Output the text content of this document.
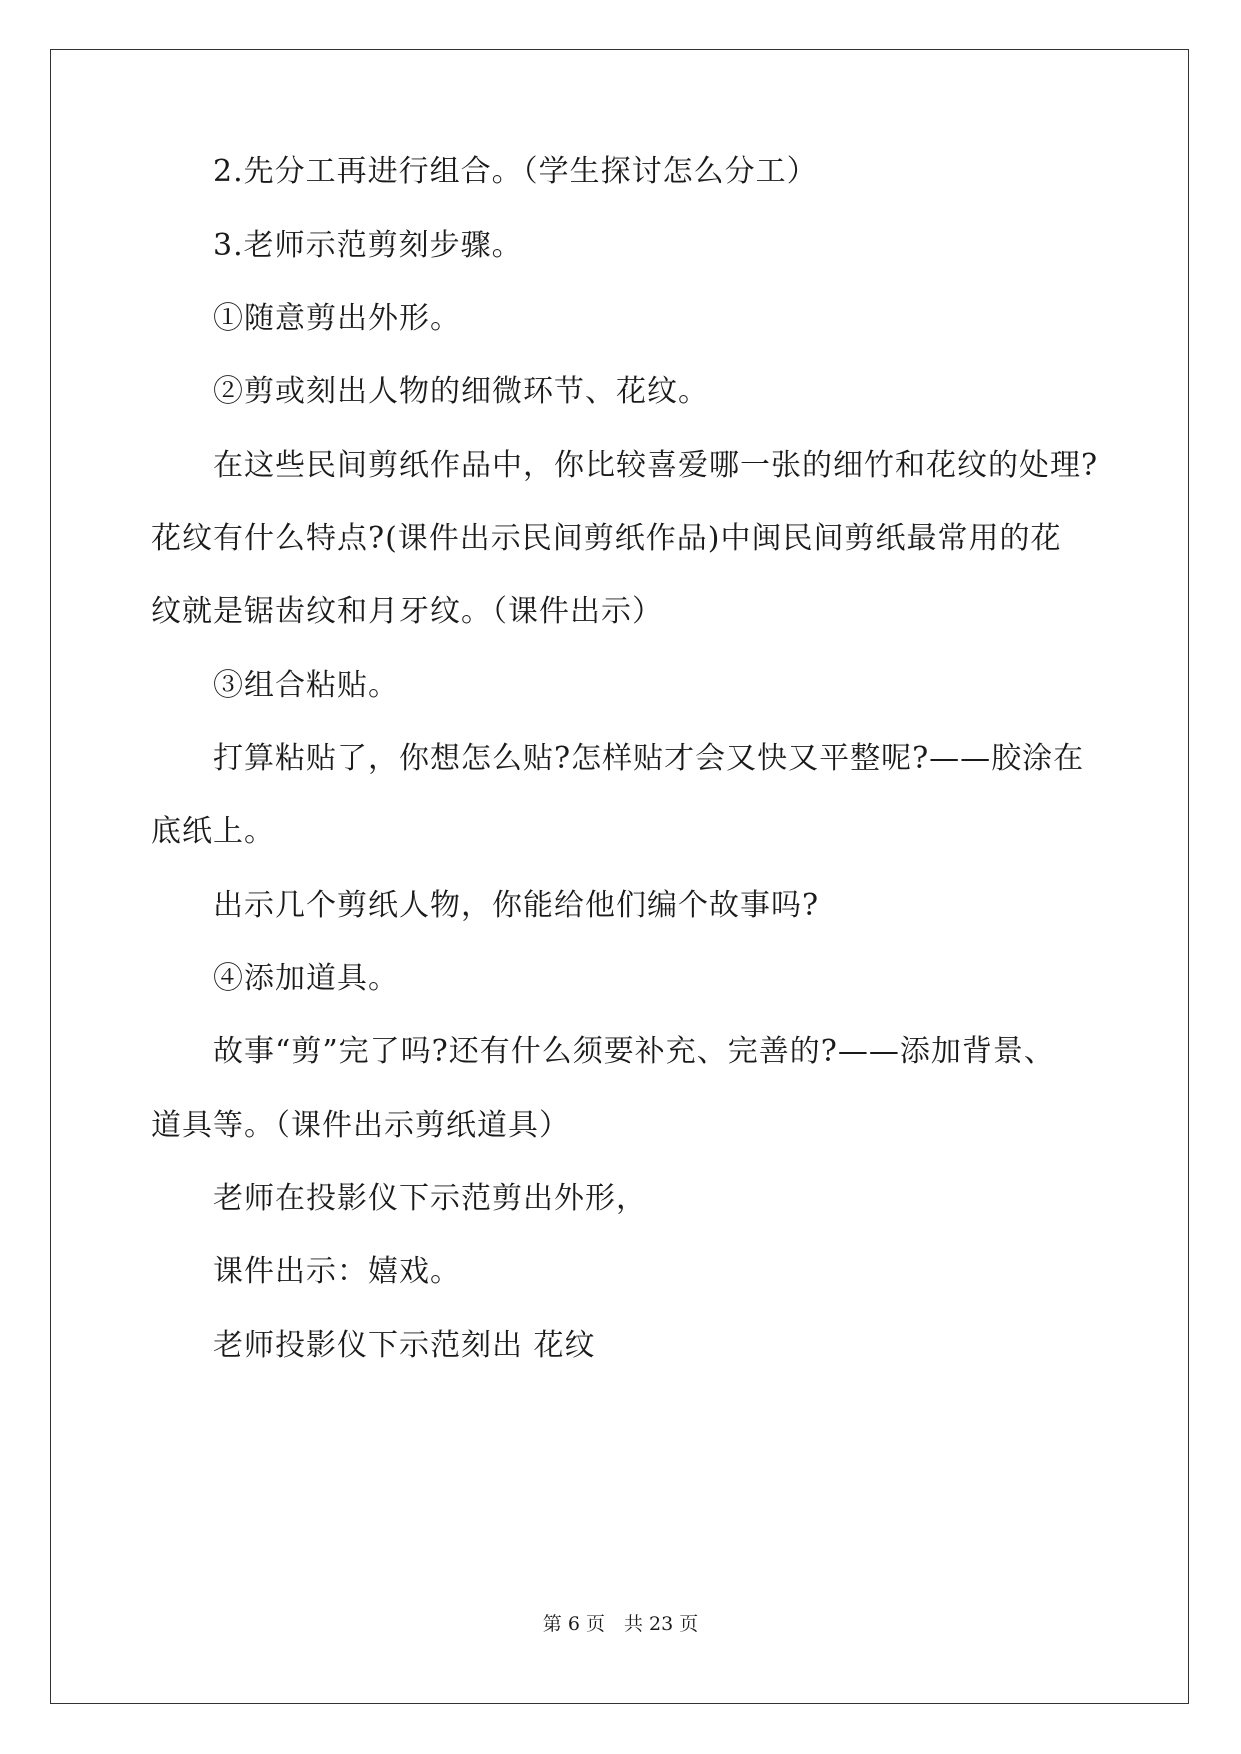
2.先分工再进行组合。（学生探讨怎么分工）
3.老师示范剪刻步骤。
①随意剪出外形。
②剪或刻出人物的细微环节、花纹。
在这些民间剪纸作品中，你比较喜爱哪一张的细竹和花纹的处理?
花纹有什么特点?(课件出示民间剪纸作品)中闽民间剪纸最常用的花
纹就是锯齿纹和月牙纹。（课件出示）
③组合粘贴。
打算粘贴了，你想怎么贴?怎样贴才会又快又平整呢?——胶涂在
底纸上。
出示几个剪纸人物，你能给他们编个故事吗?
④添加道具。
故事“剪”完了吗?还有什么须要补充、完善的?——添加背景、
道具等。（课件出示剪纸道具）
老师在投影仪下示范剪出外形，
课件出示：嬉戏。
老师投影仪下示范刻出 花纹
第 6 页　共 23 页
